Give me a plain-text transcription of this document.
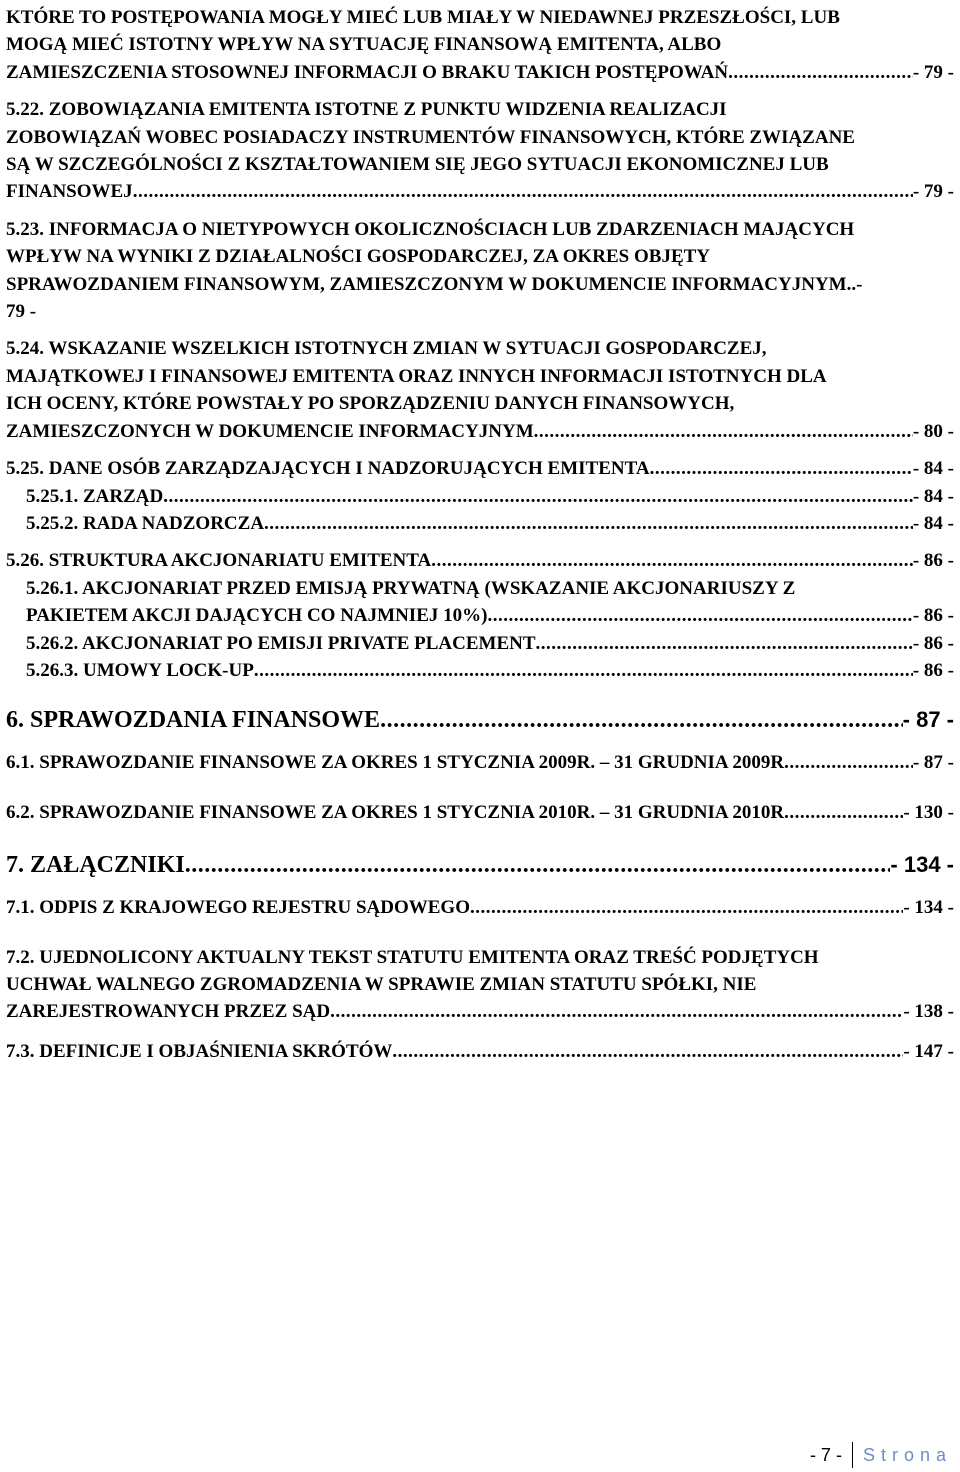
KTÓRE TO POSTĘPOWANIA MOGŁY MIEĆ LUB MIAŁY W NIEDAWNEJ PRZESZŁOŚCI, LUB
MOGĄ MIEĆ ISTOTNY WPŁYW NA SYTUACJĘ FINANSOWĄ EMITENTA, ALBO
ZAMIESZCZENIA STOSOWNEJ INFORMACJI O BRAKU TAKICH POSTĘPOWAŃ .....	- 79 -
5.22. ZOBOWIĄZANIA EMITENTA ISTOTNE Z PUNKTU WIDZENIA REALIZACJI
ZOBOWIĄZAŃ WOBEC POSIADACZY INSTRUMENTÓW FINANSOWYCH, KTÓRE ZWIĄZANE
SĄ W SZCZEGÓLNOŚCI Z KSZTAŁTOWANIEM SIĘ JEGO SYTUACJI EKONOMICZNEJ LUB
FINANSOWEJ .....	- 79 -
5.23. INFORMACJA O NIETYPOWYCH OKOLICZNOŚCIACH LUB ZDARZENIACH MAJĄCYCH
WPŁYW NA WYNIKI Z DZIAŁALNOŚCI GOSPODARCZEJ, ZA OKRES OBJĘTY
SPRAWOZDANIEM FINANSOWYM, ZAMIESZCZONYM W DOKUMENCIE INFORMACYJNYM..-
79 -
5.24. WSKAZANIE WSZELKICH ISTOTNYCH ZMIAN W SYTUACJI GOSPODARCZEJ,
MAJĄTKOWEJ I FINANSOWEJ EMITENTA ORAZ INNYCH INFORMACJI ISTOTNYCH DLA
ICH OCENY, KTÓRE POWSTAŁY PO SPORZĄDZENIU DANYCH FINANSOWYCH,
ZAMIESZCZONYCH W DOKUMENCIE INFORMACYJNYM .....	- 80 -
5.25. DANE OSÓB ZARZĄDZAJĄCYCH I NADZORUJĄCYCH EMITENTA .....	- 84 -
5.25.1. ZARZĄD .....	- 84 -
5.25.2. RADA NADZORCZA .....	- 84 -
5.26. STRUKTURA AKCJONARIATU EMITENTA .....	- 86 -
5.26.1. AKCJONARIAT PRZED EMISJĄ PRYWATNĄ (WSKAZANIE AKCJONARIUSZY Z
PAKIETEM AKCJI DAJĄCYCH CO NAJMNIEJ 10%) .....	- 86 -
5.26.2. AKCJONARIAT PO EMISJI PRIVATE PLACEMENT .....	- 86 -
5.26.3. UMOWY LOCK-UP .....	- 86 -
6. SPRAWOZDANIA FINANSOWE .....	- 87 -
6.1. SPRAWOZDANIE FINANSOWE ZA OKRES 1 STYCZNIA 2009R. – 31 GRUDNIA 2009R .....	- 87 -
6.2. SPRAWOZDANIE FINANSOWE ZA OKRES 1 STYCZNIA 2010R. – 31 GRUDNIA 2010R .....	- 130 -
7. ZAŁĄCZNIKI .....	- 134 -
7.1. ODPIS Z KRAJOWEGO REJESTRU SĄDOWEGO .....	- 134 -
7.2. UJEDNOLICONY AKTUALNY TEKST STATUTU EMITENTA ORAZ TREŚĆ PODJĘTYCH
UCHWAŁ WALNEGO ZGROMADZENIA W SPRAWIE ZMIAN STATUTU SPÓŁKI, NIE
ZAREJESTROWANYCH PRZEZ SĄD .....	- 138 -
7.3. DEFINICJE I OBJAŚNIENIA SKRÓTÓW .....	- 147 -
- 7 - Strona
